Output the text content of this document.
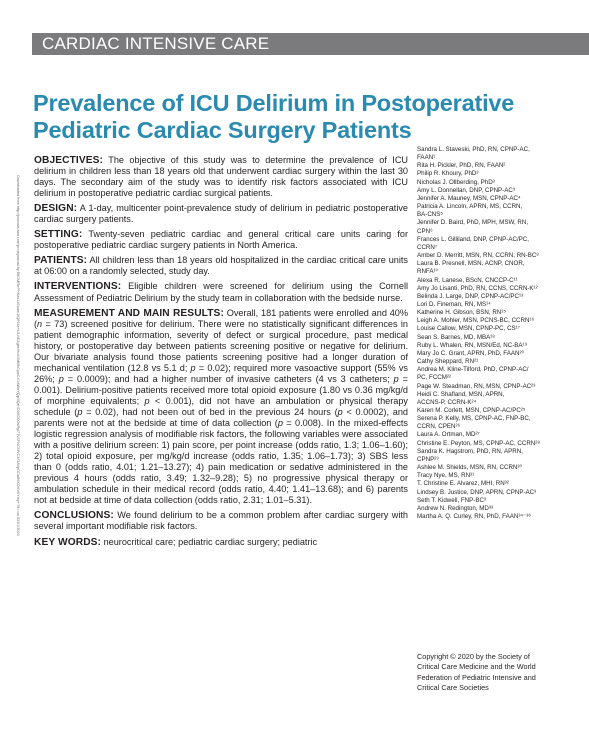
CARDIAC INTENSIVE CARE
Prevalence of ICU Delirium in Postoperative
Pediatric Cardiac Surgery Patients
Downloaded from http://journals.lww.com/pccmjournal by BhDMf5ePHKav1zEoum1tQfN4a+kJLhEZgbsIHo4XMi0hCywCX1AWnYQp/IlQrHD3i3D0OdRyi7TvSFl4Cf3VC4/OAVpDDa8KKGKV0Ymy+78= on 03/01/2023

OBJECTIVES: The objective of this study was to determine the prevalence of ICU delirium in children less than 18 years old that underwent cardiac surgery within the last 30 days. The secondary aim of the study was to identify risk factors associated with ICU delirium in postoperative pediatric cardiac surgical patients.

DESIGN: A 1-day, multicenter point-prevalence study of delirium in pediatric postoperative cardiac surgery patients.

SETTING: Twenty-seven pediatric cardiac and general critical care units caring for postoperative pediatric cardiac surgery patients in North America.

PATIENTS: All children less than 18 years old hospitalized in the cardiac critical care units at 06:00 on a randomly selected, study day.

INTERVENTIONS: Eligible children were screened for delirium using the Cornell Assessment of Pediatric Delirium by the study team in collaboration with the bedside nurse.

MEASUREMENT AND MAIN RESULTS: Overall, 181 patients were enrolled and 40% (n = 73) screened positive for delirium. There were no statistically significant differences in patient demographic information, severity of defect or surgical procedure, past medical history, or postoperative day between patients screening positive or negative for delirium. Our bivariate analysis found those patients screening positive had a longer duration of mechanical ventilation (12.8 vs 5.1 d; p = 0.02); required more vasoactive support (55% vs 26%; p = 0.0009); and had a higher number of invasive catheters (4 vs 3 catheters; p = 0.001). Delirium-positive patients received more total opioid exposure (1.80 vs 0.36 mg/kg/d of morphine equivalents; p < 0.001), did not have an ambulation or physical therapy schedule (p = 0.02), had not been out of bed in the previous 24 hours (p < 0.0002), and parents were not at the bedside at time of data collection (p = 0.008). In the mixed-effects logistic regression analysis of modifiable risk factors, the following variables were associated with a positive delirium screen: 1) pain score, per point increase (odds ratio, 1.3; 1.06–1.60); 2) total opioid exposure, per mg/kg/d increase (odds ratio, 1.35; 1.06–1.73); 3) SBS less than 0 (odds ratio, 4.01; 1.21–13.27); 4) pain medication or sedative administered in the previous 4 hours (odds ratio, 3.49; 1.32–9.28); 5) no progressive physical therapy or ambulation schedule in their medical record (odds ratio, 4.40; 1.41–13.68); and 6) parents not at bedside at time of data collection (odds ratio, 2.31; 1.01–5.31).

CONCLUSIONS: We found delirium to be a common problem after cardiac surgery with several important modifiable risk factors.

KEY WORDS: neurocritical care; pediatric cardiac surgery; pediatric

Sandra L. Staveski, PhD, RN, CPNP-AC,
FAAN¹
Rita H. Pickler, PhD, RN, FAAN²
Philip R. Khoury, PhD³
Nicholas J. Ollberding, PhD³
Amy L. Donnellan, DNP, CPNP-AC³
Jennifer A. Mauney, MSN, CPNP-AC⁴
Patricia A. Lincoln, APRN, MS, CCRN,
BA-CNS⁵
Jennifer D. Baird, PhD, MPH, MSW, RN,
CPN⁶
Frances L. Gilliland, DNP, CPNP-AC/PC,
CCRN⁷
Amber D. Merritt, MSN, RN, CCRN, RN-BC⁸
Laura B. Presnell, MSN, ACNP, CNOR,
RNFA¹⁰
Alexa R. Lanese, BScN, CNCCP-C¹¹
Amy Jo Lisanti, PhD, RN, CCNS, CCRN-K¹²
Belinda J. Large, DNP, CPNP-AC/PC¹³
Lori D. Fineman, RN, MS¹⁴
Katherine H. Gibson, BSN, RN¹⁵
Leigh A. Mohler, MSN, PCNS-BC, CCRN¹⁶
Louise Callow, MSN, CPNP-PC, CS¹⁷
Sean S. Barnes, MD, MBA¹⁸
Ruby L. Whalen, RN, MSN/Ed, NC-BA¹⁹
Mary Jo C. Grant, APRN, PhD, FAAN²⁰
Cathy Sheppard, RN²¹
Andrea M. Kline-Tilford, PhD, CPNP-AC/
PC, FCCM²²
Page W. Steadman, RN, MSN, CPNP-AC²³
Heidi C. Shafland, MSN, APRN,
ACCNS-P, CCRN-K²⁴
Karen M. Corlett, MSN, CPNP-AC/PC²⁵
Serena P. Kelly, MS, CPNP-AC, FNP-BC,
CCRN, CPEN²⁶
Laura A. Ortman, MD²⁷
Christine E. Peyton, MS, CPNP-AC, CCRN²⁸
Sandra K. Hagstrom, PhD, RN, APRN,
CPNP²⁹
Ashlee M. Shields, MSN, RN, CCRN³⁰
Tracy Nye, MS, RN³¹
T. Christine E. Alvarez, MHI, RN³²
Lindsey B. Justice, DNP, APRN, CPNP-AC³
Seth T. Kidwell, FNP-BC³
Andrew N. Redington, MD³³
Martha A. Q. Curley, RN, PhD, FAAN³⁴⁻³⁶
Copyright © 2020 by the Society of
Critical Care Medicine and the World
Federation of Pediatric Intensive and
Critical Care Societies
